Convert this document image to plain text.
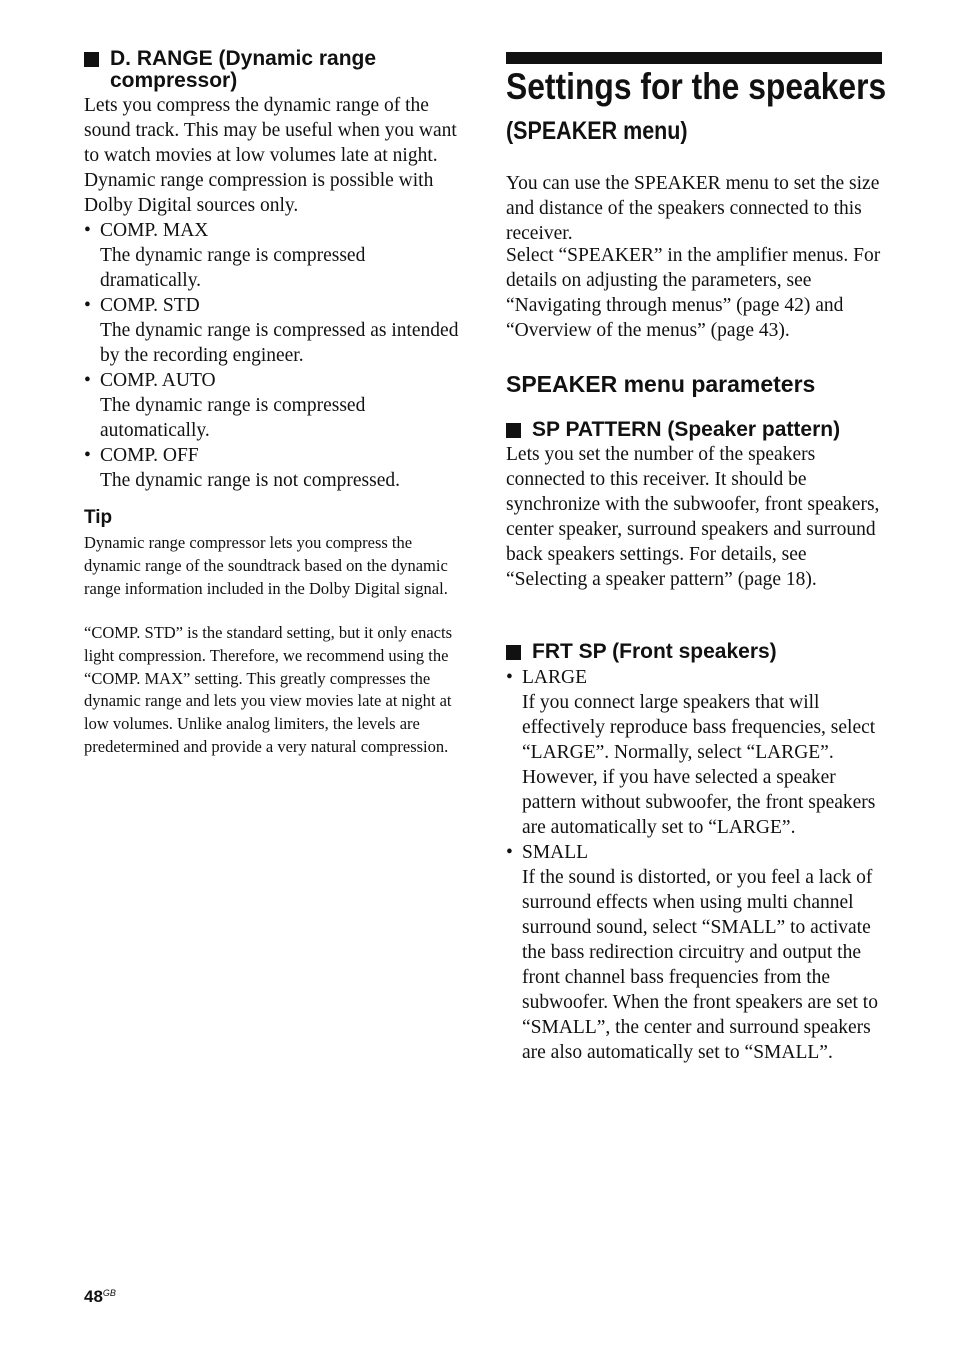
D. RANGE (Dynamic range compressor)

Lets you compress the dynamic range of the sound track. This may be useful when you want to watch movies at low volumes late at night. Dynamic range compression is possible with Dolby Digital sources only.

• COMP. MAX
The dynamic range is compressed dramatically.
• COMP. STD
The dynamic range is compressed as intended by the recording engineer.
• COMP. AUTO
The dynamic range is compressed automatically.
• COMP. OFF
The dynamic range is not compressed.
Tip

Dynamic range compressor lets you compress the dynamic range of the soundtrack based on the dynamic range information included in the Dolby Digital signal.

“COMP. STD” is the standard setting, but it only enacts light compression. Therefore, we recommend using the “COMP. MAX” setting. This greatly compresses the dynamic range and lets you view movies late at night at low volumes. Unlike analog limiters, the levels are predetermined and provide a very natural compression.

Settings for the speakers
(SPEAKER menu)

You can use the SPEAKER menu to set the size and distance of the speakers connected to this receiver.

Select “SPEAKER” in the amplifier menus. For details on adjusting the parameters, see “Navigating through menus” (page 42) and “Overview of the menus” (page 43).

SPEAKER menu parameters
SP PATTERN (Speaker pattern)

Lets you set the number of the speakers connected to this receiver. It should be synchronize with the subwoofer, front speakers, center speaker, surround speakers and surround back speakers settings. For details, see “Selecting a speaker pattern” (page 18).

FRT SP (Front speakers)
• LARGE
If you connect large speakers that will effectively reproduce bass frequencies, select “LARGE”. Normally, select “LARGE”. However, if you have selected a speaker pattern without subwoofer, the front speakers are automatically set to “LARGE”.
• SMALL
If the sound is distorted, or you feel a lack of surround effects when using multi channel surround sound, select “SMALL” to activate the bass redirection circuitry and output the front channel bass frequencies from the subwoofer. When the front speakers are set to “SMALL”, the center and surround speakers are also automatically set to “SMALL”.
$48^{GB}$
